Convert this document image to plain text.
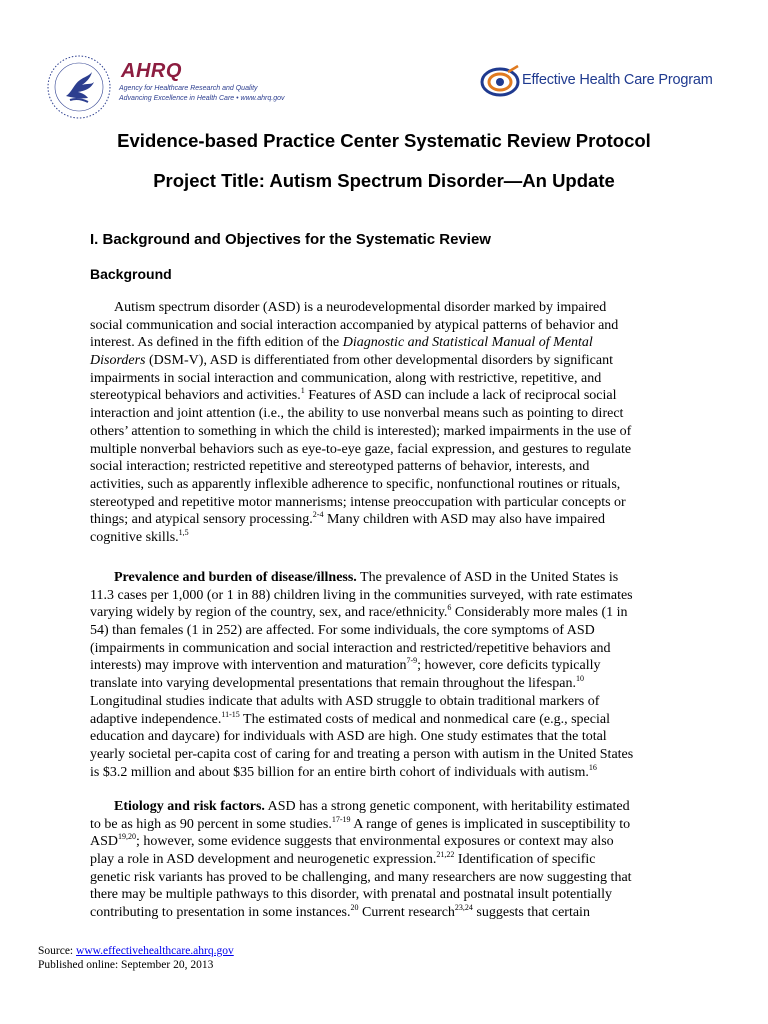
AHRQ
Agency for Healthcare Research and Quality
Advancing Excellence in Health Care • www.ahrq.gov
Effective Health Care Program
Evidence-based Practice Center Systematic Review Protocol
Project Title: Autism Spectrum Disorder—An Update
I. Background and Objectives for the Systematic Review
Background
Autism spectrum disorder (ASD) is a neurodevelopmental disorder marked by impaired
social communication and social interaction accompanied by atypical patterns of behavior and
interest. As defined in the fifth edition of the Diagnostic and Statistical Manual of Mental
Disorders (DSM-V), ASD is differentiated from other developmental disorders by significant
impairments in social interaction and communication, along with restrictive, repetitive, and
stereotypical behaviors and activities.$^1$ Features of ASD can include a lack of reciprocal social
interaction and joint attention (i.e., the ability to use nonverbal means such as pointing to direct
others’ attention to something in which the child is interested); marked impairments in the use of
multiple nonverbal behaviors such as eye-to-eye gaze, facial expression, and gestures to regulate
social interaction; restricted repetitive and stereotyped patterns of behavior, interests, and
activities, such as apparently inflexible adherence to specific, nonfunctional routines or rituals,
stereotyped and repetitive motor mannerisms; intense preoccupation with particular concepts or
things; and atypical sensory processing.$^{2-4}$ Many children with ASD may also have impaired
cognitive skills.$^{1,5}$
Prevalence and burden of disease/illness. The prevalence of ASD in the United States is
11.3 cases per 1,000 (or 1 in 88) children living in the communities surveyed, with rate estimates
varying widely by region of the country, sex, and race/ethnicity.$^6$ Considerably more males (1 in
54) than females (1 in 252) are affected. For some individuals, the core symptoms of ASD
(impairments in communication and social interaction and restricted/repetitive behaviors and
interests) may improve with intervention and maturation$^{7-9}$; however, core deficits typically
translate into varying developmental presentations that remain throughout the lifespan.$^{10}$
Longitudinal studies indicate that adults with ASD struggle to obtain traditional markers of
adaptive independence.$^{11-15}$ The estimated costs of medical and nonmedical care (e.g., special
education and daycare) for individuals with ASD are high. One study estimates that the total
yearly societal per-capita cost of caring for and treating a person with autism in the United States
is $3.2 million and about $35 billion for an entire birth cohort of individuals with autism.$^{16}$
Etiology and risk factors. ASD has a strong genetic component, with heritability estimated
to be as high as 90 percent in some studies.$^{17-19}$ A range of genes is implicated in susceptibility to
ASD$^{19,20}$; however, some evidence suggests that environmental exposures or context may also
play a role in ASD development and neurogenetic expression.$^{21,22}$ Identification of specific
genetic risk variants has proved to be challenging, and many researchers are now suggesting that
there may be multiple pathways to this disorder, with prenatal and postnatal insult potentially
contributing to presentation in some instances.$^{20}$ Current research$^{23,24}$ suggests that certain
Source: www.effectivehealthcare.ahrq.gov
Published online: September 20, 2013
